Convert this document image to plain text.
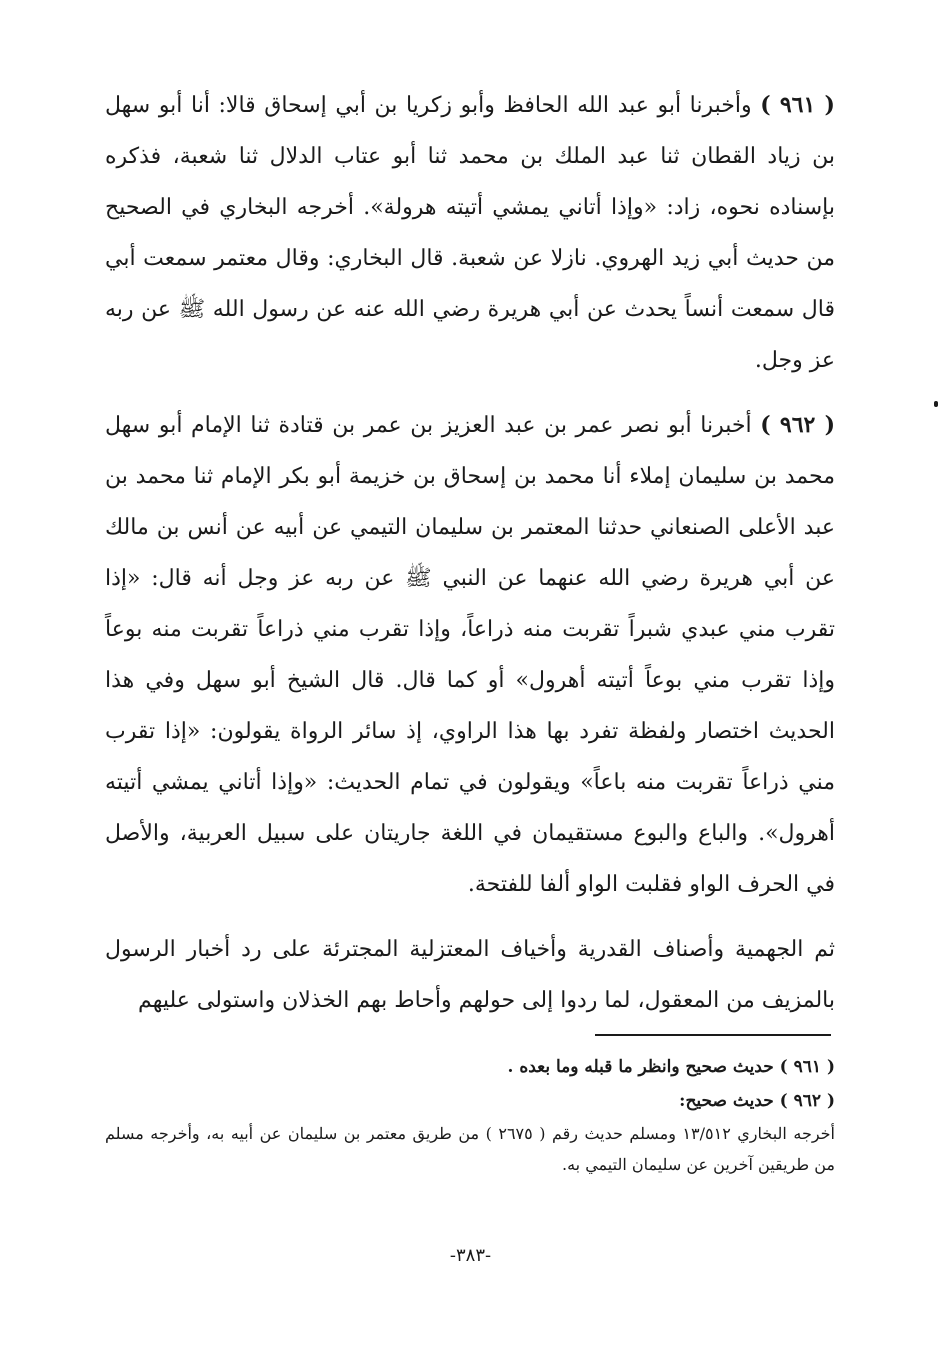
( ٩٦١ ) وأخبرنا أبو عبد الله الحافظ وأبو زكريا بن أبي إسحاق قالا: أنا أبو سهل بن زياد القطان ثنا عبد الملك بن محمد ثنا أبو عتاب الدلال ثنا شعبة، فذكره بإسناده نحوه، زاد: «وإذا أتاني يمشي أتيته هرولة». أخرجه البخاري في الصحيح من حديث أبي زيد الهروي. نازلا عن شعبة. قال البخاري: وقال معتمر سمعت أبي قال سمعت أنساً يحدث عن أبي هريرة رضي الله عنه عن رسول الله ﷺ عن ربه عز وجل.

( ٩٦٢ ) أخبرنا أبو نصر عمر بن عبد العزيز بن عمر بن قتادة ثنا الإمام أبو سهل محمد بن سليمان إملاء أنا محمد بن إسحاق بن خزيمة أبو بكر الإمام ثنا محمد بن عبد الأعلى الصنعاني حدثنا المعتمر بن سليمان التيمي عن أبيه عن أنس بن مالك عن أبي هريرة رضي الله عنهما عن النبي ﷺ عن ربه عز وجل أنه قال: «إذا تقرب مني عبدي شبراً تقربت منه ذراعاً، وإذا تقرب مني ذراعاً تقربت منه بوعاً وإذا تقرب مني بوعاً أتيته أهرول» أو كما قال. قال الشيخ أبو سهل وفي هذا الحديث اختصار ولفظة تفرد بها هذا الراوي، إذ سائر الرواة يقولون: «إذا تقرب مني ذراعاً تقربت منه باعاً» ويقولون في تمام الحديث: «وإذا أتاني يمشي أتيته أهرول». والباع والبوع مستقيمان في اللغة جاريتان على سبيل العربية، والأصل في الحرف الواو فقلبت الواو ألفا للفتحة.

ثم الجهمية وأصناف القدرية وأخياف المعتزلية المجترئة على رد أخبار الرسول بالمزيف من المعقول، لما ردوا إلى حولهم وأحاط بهم الخذلان واستولى عليهم

( ٩٦١ ) حديث صحيح وانظر ما قبله وما بعده .

( ٩٦٢ ) حديث صحيح:

أخرجه البخاري ١٣/٥١٢ ومسلم حديث رقم ( ٢٦٧٥ ) من طريق معتمر بن سليمان عن أبيه به، وأخرجه مسلم من طريقين آخرين عن سليمان التيمي به.

-٣٨٣-
